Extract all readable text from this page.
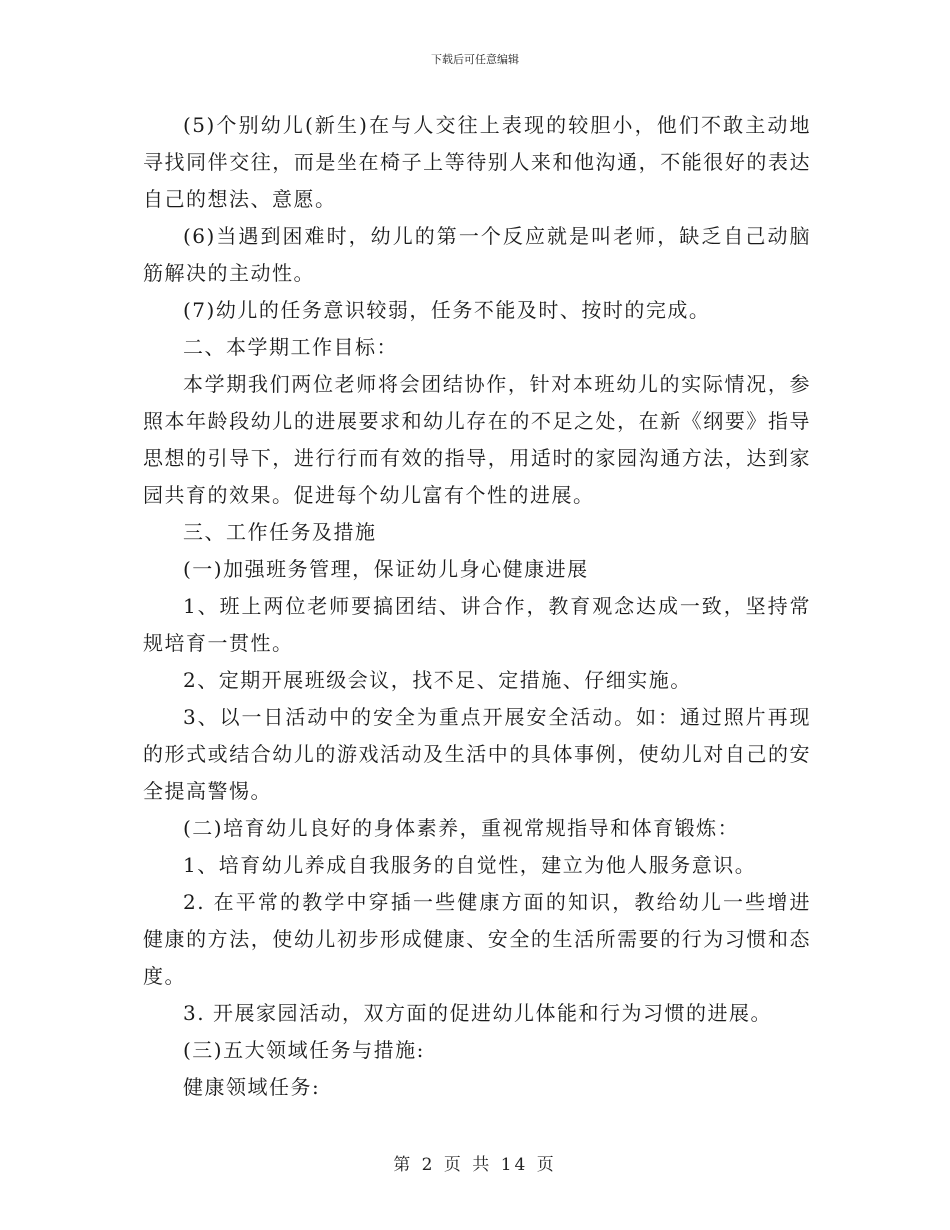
下载后可任意编辑

(5)个别幼儿(新生)在与人交往上表现的较胆小，他们不敢主动地寻找同伴交往，而是坐在椅子上等待别人来和他沟通，不能很好的表达自己的想法、意愿。

(6)当遇到困难时，幼儿的第一个反应就是叫老师，缺乏自己动脑筋解决的主动性。

(7)幼儿的任务意识较弱，任务不能及时、按时的完成。

二、本学期工作目标：

本学期我们两位老师将会团结协作，针对本班幼儿的实际情况，参照本年龄段幼儿的进展要求和幼儿存在的不足之处，在新《纲要》指导思想的引导下，进行行而有效的指导，用适时的家园沟通方法，达到家园共育的效果。促进每个幼儿富有个性的进展。

三、工作任务及措施

(一)加强班务管理，保证幼儿身心健康进展

1、班上两位老师要搞团结、讲合作，教育观念达成一致，坚持常规培育一贯性。

2、定期开展班级会议，找不足、定措施、仔细实施。

3、以一日活动中的安全为重点开展安全活动。如：通过照片再现的形式或结合幼儿的游戏活动及生活中的具体事例，使幼儿对自己的安全提高警惕。

(二)培育幼儿良好的身体素养，重视常规指导和体育锻炼：

1、培育幼儿养成自我服务的自觉性，建立为他人服务意识。

2. 在平常的教学中穿插一些健康方面的知识，教给幼儿一些增进健康的方法，使幼儿初步形成健康、安全的生活所需要的行为习惯和态度。

3. 开展家园活动，双方面的促进幼儿体能和行为习惯的进展。

(三)五大领域任务与措施:

健康领域任务:

第 2 页 共 14 页
